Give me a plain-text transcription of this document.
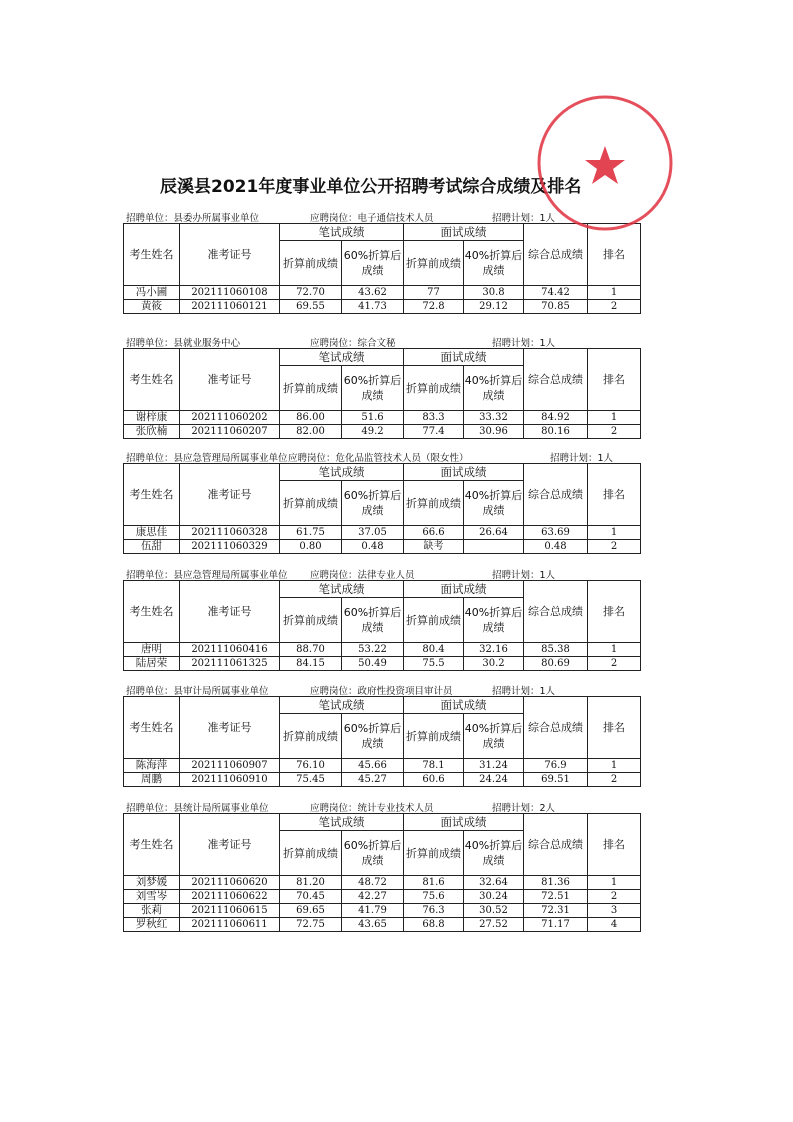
辰溪县2021年度事业单位公开招聘考试综合成绩及排名
招聘单位：县委办所属事业单位	应聘岗位：电子通信技术人员	招聘计划：1人
考生姓名	准考证号	笔试成绩		面试成绩		综合总成绩	排名
		折算前成绩	60%折算后成绩	折算前成绩	40%折算后成绩		
冯小圃	202111060108	72.70	43.62	77	30.8	74.42	1
黄筱	202111060121	69.55	41.73	72.8	29.12	70.85	2
招聘单位：县就业服务中心	应聘岗位：综合文秘	招聘计划：1人
考生姓名	准考证号	笔试成绩		面试成绩		综合总成绩	排名
		折算前成绩	60%折算后成绩	折算前成绩	40%折算后成绩		
谢梓康	202111060202	86.00	51.6	83.3	33.32	84.92	1
张欣楠	202111060207	82.00	49.2	77.4	30.96	80.16	2
招聘单位：县应急管理局所属事业单位 应聘岗位：危化品监管技术人员（限女性）	招聘计划：1人
考生姓名	准考证号	笔试成绩		面试成绩		综合总成绩	排名
		折算前成绩	60%折算后成绩	折算前成绩	40%折算后成绩		
康思佳	202111060328	61.75	37.05	66.6	26.64	63.69	1
伍甜	202111060329	0.80	0.48	缺考		0.48	2
招聘单位：县应急管理局所属事业单位 应聘岗位：法律专业人员	招聘计划：1人
考生姓名	准考证号	笔试成绩		面试成绩		综合总成绩	排名
		折算前成绩	60%折算后成绩	折算前成绩	40%折算后成绩		
唐明	202111060416	88.70	53.22	80.4	32.16	85.38	1
陆居荣	202111061325	84.15	50.49	75.5	30.2	80.69	2
招聘单位：县审计局所属事业单位	应聘岗位：政府性投资项目审计员	招聘计划：1人
考生姓名	准考证号	笔试成绩		面试成绩		综合总成绩	排名
		折算前成绩	60%折算后成绩	折算前成绩	40%折算后成绩		
陈海萍	202111060907	76.10	45.66	78.1	31.24	76.9	1
周鹏	202111060910	75.45	45.27	60.6	24.24	69.51	2
招聘单位：县统计局所属事业单位	应聘岗位：统计专业技术人员	招聘计划：2人
考生姓名	准考证号	笔试成绩		面试成绩		综合总成绩	排名
		折算前成绩	60%折算后成绩	折算前成绩	40%折算后成绩		
刘梦媛	202111060620	81.20	48.72	81.6	32.64	81.36	1
刘雪岑	202111060622	70.45	42.27	75.6	30.24	72.51	2
张莉	202111060615	69.65	41.79	76.3	30.52	72.31	3
罗秋红	202111060611	72.75	43.65	68.8	27.52	71.17	4
